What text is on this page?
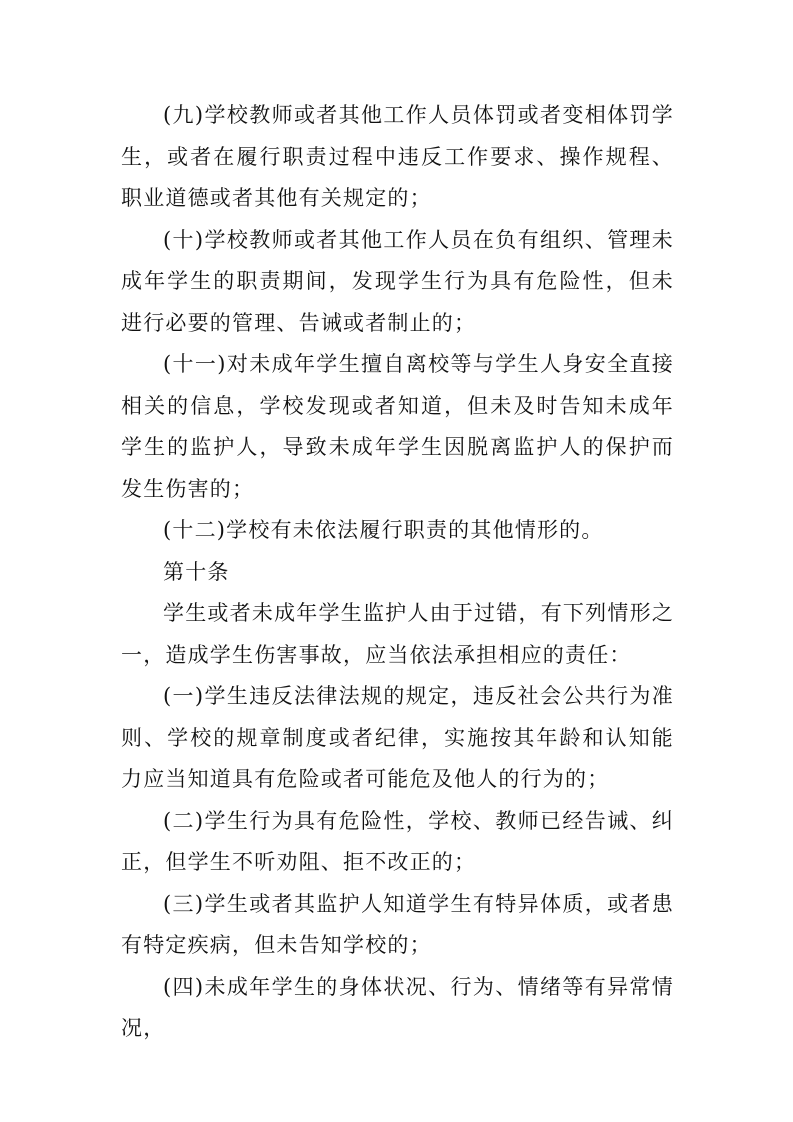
(九)学校教师或者其他工作人员体罚或者变相体罚学生，或者在履行职责过程中违反工作要求、操作规程、职业道德或者其他有关规定的；

(十)学校教师或者其他工作人员在负有组织、管理未成年学生的职责期间，发现学生行为具有危险性，但未进行必要的管理、告诫或者制止的；

(十一)对未成年学生擅自离校等与学生人身安全直接相关的信息，学校发现或者知道，但未及时告知未成年学生的监护人，导致未成年学生因脱离监护人的保护而发生伤害的；

(十二)学校有未依法履行职责的其他情形的。

第十条

学生或者未成年学生监护人由于过错，有下列情形之一，造成学生伤害事故，应当依法承担相应的责任：

(一)学生违反法律法规的规定，违反社会公共行为准则、学校的规章制度或者纪律，实施按其年龄和认知能力应当知道具有危险或者可能危及他人的行为的；

(二)学生行为具有危险性，学校、教师已经告诫、纠正，但学生不听劝阻、拒不改正的；

(三)学生或者其监护人知道学生有特异体质，或者患有特定疾病，但未告知学校的；

(四)未成年学生的身体状况、行为、情绪等有异常情况，
